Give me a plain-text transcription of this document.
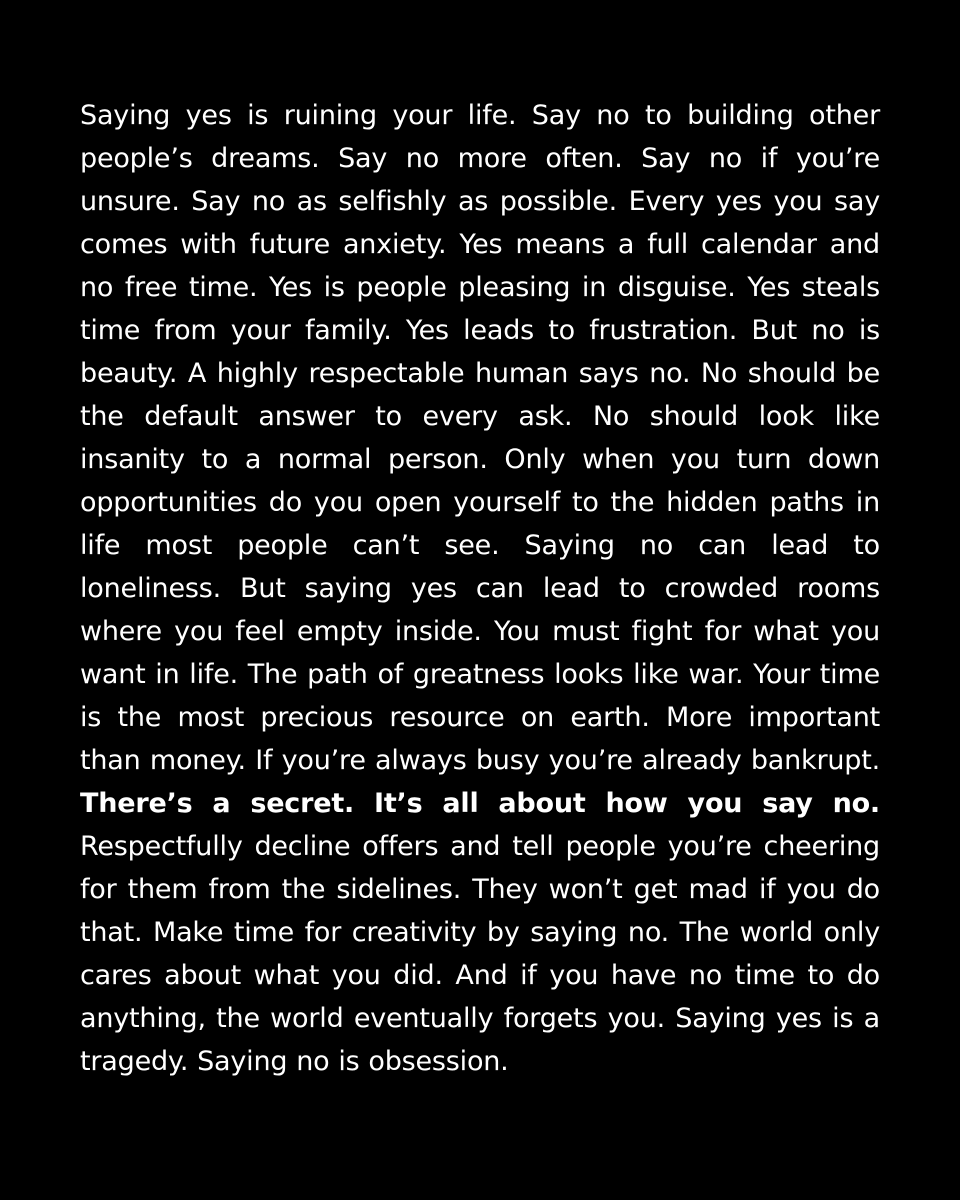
Saying yes is ruining your life. Say no to building other people’s dreams. Say no more often. Say no if you’re unsure. Say no as selfishly as possible. Every yes you say comes with future anxiety. Yes means a full calendar and no free time. Yes is people pleasing in disguise. Yes steals time from your family. Yes leads to frustration. But no is beauty. A highly respectable human says no. No should be the default answer to every ask. No should look like insanity to a normal person. Only when you turn down opportunities do you open yourself to the hidden paths in life most people can’t see. Saying no can lead to loneliness. But saying yes can lead to crowded rooms where you feel empty inside. You must fight for what you want in life. The path of greatness looks like war. Your time is the most precious resource on earth. More important than money. If you’re always busy you’re already bankrupt. There’s a secret. It’s all about how you say no. Respectfully decline offers and tell people you’re cheering for them from the sidelines. They won’t get mad if you do that. Make time for creativity by saying no. The world only cares about what you did. And if you have no time to do anything, the world eventually forgets you. Saying yes is a tragedy. Saying no is obsession.
